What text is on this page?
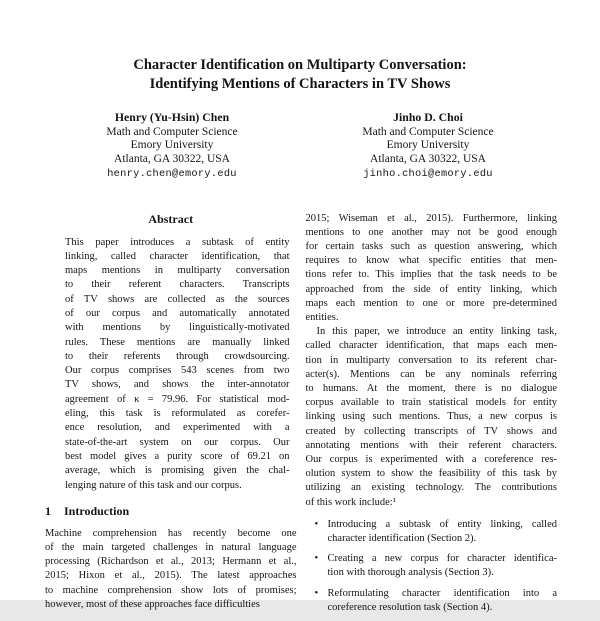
Character Identification on Multiparty Conversation:
Identifying Mentions of Characters in TV Shows
Henry (Yu-Hsin) Chen
Math and Computer Science
Emory University
Atlanta, GA 30322, USA
henry.chen@emory.edu
Jinho D. Choi
Math and Computer Science
Emory University
Atlanta, GA 30322, USA
jinho.choi@emory.edu
Abstract
This paper introduces a subtask of entity
linking, called character identification, that
maps mentions in multiparty conversation
to their referent characters. Transcripts
of TV shows are collected as the sources
of our corpus and automatically annotated
with mentions by linguistically-motivated
rules. These mentions are manually linked
to their referents through crowdsourcing.
Our corpus comprises 543 scenes from two
TV shows, and shows the inter-annotator
agreement of κ = 79.96. For statistical mod-
eling, this task is reformulated as corefer-
ence resolution, and experimented with a
state-of-the-art system on our corpus. Our
best model gives a purity score of 69.21 on
average, which is promising given the chal-
lenging nature of this task and our corpus.
1 Introduction
Machine comprehension has recently become one
of the main targeted challenges in natural language
processing (Richardson et al., 2013; Hermann et al.,
2015; Hixon et al., 2015). The latest approaches
to machine comprehension show lots of promises;
however, most of these approaches face difficulties
2015; Wiseman et al., 2015). Furthermore, linking
mentions to one another may not be good enough
for certain tasks such as question answering, which
requires to know what specific entities that men-
tions refer to. This implies that the task needs to be
approached from the side of entity linking, which
maps each mention to one or more pre-determined
entities.
In this paper, we introduce an entity linking task,
called character identification, that maps each men-
tion in multiparty conversation to its referent char-
acter(s). Mentions can be any nominals referring
to humans. At the moment, there is no dialogue
corpus available to train statistical models for entity
linking using such mentions. Thus, a new corpus is
created by collecting transcripts of TV shows and
annotating mentions with their referent characters.
Our corpus is experimented with a coreference res-
olution system to show the feasibility of this task by
utilizing an existing technology. The contributions
of this work include:¹
• Introducing a subtask of entity linking, called
character identification (Section 2).
• Creating a new corpus for character identifica-
tion with thorough analysis (Section 3).
• Reformulating character identification into a
coreference resolution task (Section 4).
